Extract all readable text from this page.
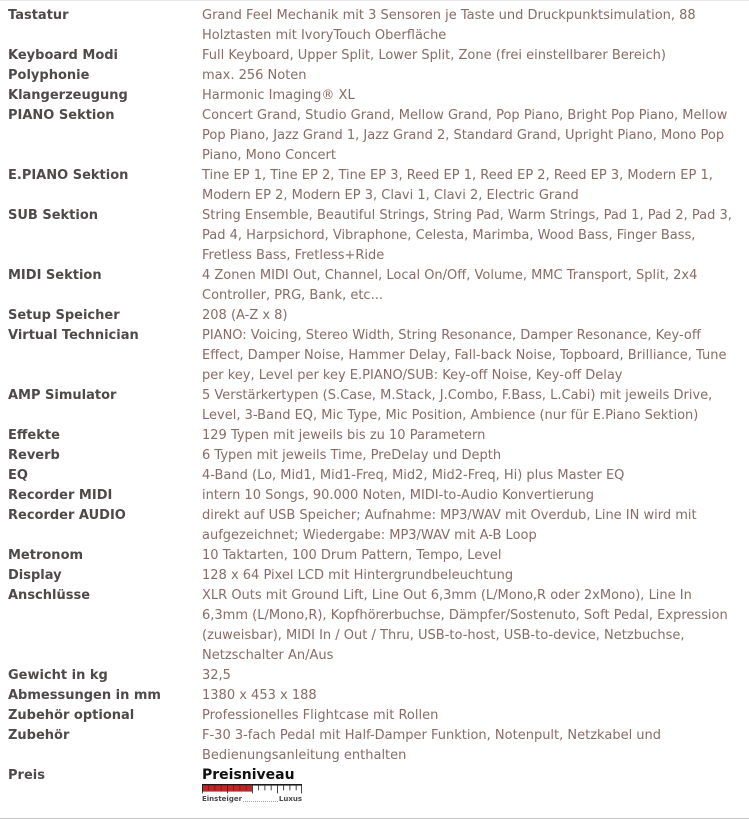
Tastatur	Grand Feel Mechanik mit 3 Sensoren je Taste und Druckpunktsimulation, 88 Holztasten mit IvoryTouch Oberfläche
Keyboard Modi	Full Keyboard, Upper Split, Lower Split, Zone (frei einstellbarer Bereich)
Polyphonie	max. 256 Noten
Klangerzeugung	Harmonic Imaging® XL
PIANO Sektion	Concert Grand, Studio Grand, Mellow Grand, Pop Piano, Bright Pop Piano, Mellow Pop Piano, Jazz Grand 1, Jazz Grand 2, Standard Grand, Upright Piano, Mono Pop Piano, Mono Concert
E.PIANO Sektion	Tine EP 1, Tine EP 2, Tine EP 3, Reed EP 1, Reed EP 2, Reed EP 3, Modern EP 1, Modern EP 2, Modern EP 3, Clavi 1, Clavi 2, Electric Grand
SUB Sektion	String Ensemble, Beautiful Strings, String Pad, Warm Strings, Pad 1, Pad 2, Pad 3, Pad 4, Harpsichord, Vibraphone, Celesta, Marimba, Wood Bass, Finger Bass, Fretless Bass, Fretless+Ride
MIDI Sektion	4 Zonen MIDI Out, Channel, Local On/Off, Volume, MMC Transport, Split, 2x4 Controller, PRG, Bank, etc...
Setup Speicher	208 (A-Z x 8)
Virtual Technician	PIANO: Voicing, Stereo Width, String Resonance, Damper Resonance, Key-off Effect, Damper Noise, Hammer Delay, Fall-back Noise, Topboard, Brilliance, Tune per key, Level per key E.PIANO/SUB: Key-off Noise, Key-off Delay
AMP Simulator	5 Verstärkertypen (S.Case, M.Stack, J.Combo, F.Bass, L.Cabi) mit jeweils Drive, Level, 3-Band EQ, Mic Type, Mic Position, Ambience (nur für E.Piano Sektion)
Effekte	129 Typen mit jeweils bis zu 10 Parametern
Reverb	6 Typen mit jeweils Time, PreDelay und Depth
EQ	4-Band (Lo, Mid1, Mid1-Freq, Mid2, Mid2-Freq, Hi) plus Master EQ
Recorder MIDI	intern 10 Songs, 90.000 Noten, MIDI-to-Audio Konvertierung
Recorder AUDIO	direkt auf USB Speicher; Aufnahme: MP3/WAV mit Overdub, Line IN wird mit aufgezeichnet; Wiedergabe: MP3/WAV mit A-B Loop
Metronom	10 Taktarten, 100 Drum Pattern, Tempo, Level
Display	128 x 64 Pixel LCD mit Hintergrundbeleuchtung
Anschlüsse	XLR Outs mit Ground Lift, Line Out 6,3mm (L/Mono,R oder 2xMono), Line In 6,3mm (L/Mono,R), Kopfhörerbuchse, Dämpfer/Sostenuto, Soft Pedal, Expression (zuweisbar), MIDI In / Out / Thru, USB-to-host, USB-to-device, Netzbuchse, Netzschalter An/Aus
Gewicht in kg	32,5
Abmessungen in mm	1380 x 453 x 188
Zubehör optional	Professionelles Flightcase mit Rollen
Zubehör	F-30 3-fach Pedal mit Half-Damper Funktion, Notenpult, Netzkabel und Bedienungsanleitung enthalten
Preis	Preisniveau
Einsteiger	Luxus
